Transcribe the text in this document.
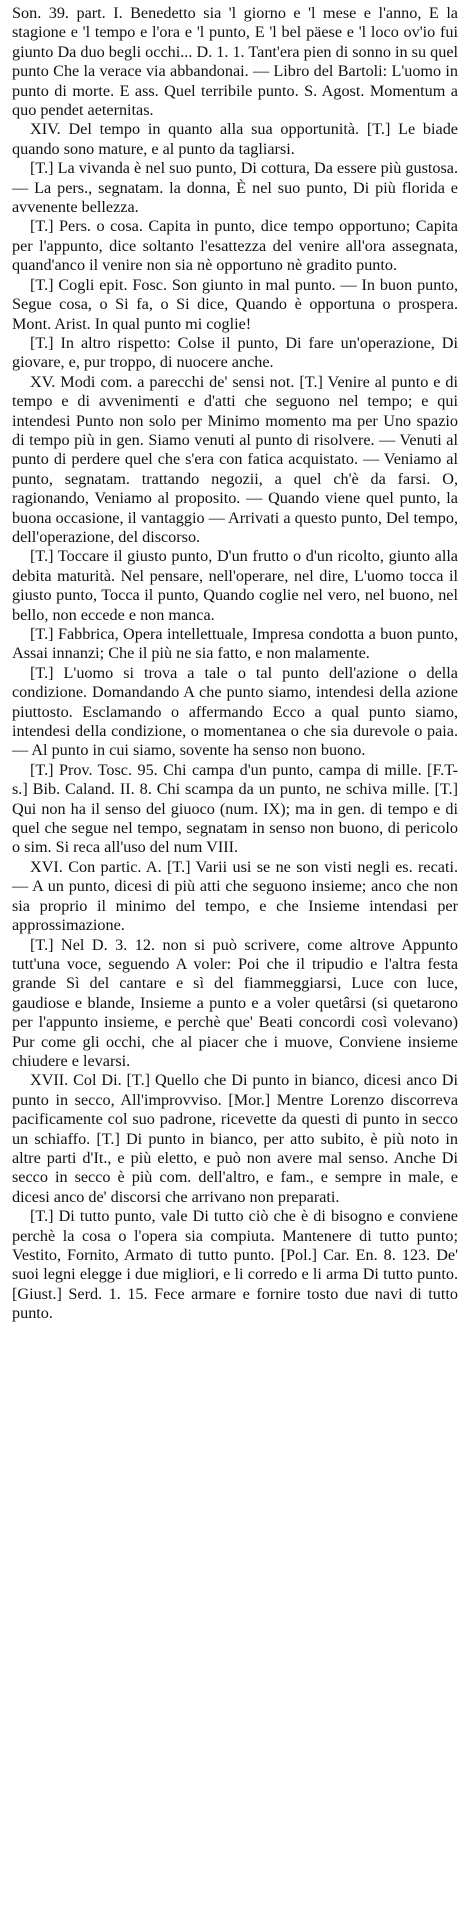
Son. 39. part. I. Benedetto sia 'l giorno e 'l mese e l'anno, E la stagione e 'l tempo e l'ora e 'l punto, E 'l bel päese e 'l loco ov'io fui giunto Da duo begli occhi... D. 1. 1. Tant'era pien di sonno in su quel punto Che la verace via abbandonai. — Libro del Bartoli: L'uomo in punto di morte. E ass. Quel terribile punto. S. Agost. Momentum a quo pendet aeternitas.

XIV. Del tempo in quanto alla sua opportunità. [T.] Le biade quando sono mature, e al punto da tagliarsi.

[T.] La vivanda è nel suo punto, Di cottura, Da essere più gustosa. — La pers., segnatam. la donna, È nel suo punto, Di più florida e avvenente bellezza.

[T.] Pers. o cosa. Capita in punto, dice tempo opportuno; Capita per l'appunto, dice soltanto l'esattezza del venire all'ora assegnata, quand'anco il venire non sia nè opportuno nè gradito punto.

[T.] Cogli epit. Fosc. Son giunto in mal punto. — In buon punto, Segue cosa, o Si fa, o Si dice, Quando è opportuna o prospera. Mont. Arist. In qual punto mi coglie!

[T.] In altro rispetto: Colse il punto, Di fare un'operazione, Di giovare, e, pur troppo, di nuocere anche.

XV. Modi com. a parecchi de' sensi not. [T.] Venire al punto e di tempo e di avvenimenti e d'atti che seguono nel tempo; e qui intendesi Punto non solo per Minimo momento ma per Uno spazio di tempo più in gen. Siamo venuti al punto di risolvere. — Venuti al punto di perdere quel che s'era con fatica acquistato. — Veniamo al punto, segnatam. trattando negozii, a quel ch'è da farsi. O, ragionando, Veniamo al proposito. — Quando viene quel punto, la buona occasione, il vantaggio — Arrivati a questo punto, Del tempo, dell'operazione, del discorso.

[T.] Toccare il giusto punto, D'un frutto o d'un ricolto, giunto alla debita maturità. Nel pensare, nell'operare, nel dire, L'uomo tocca il giusto punto, Tocca il punto, Quando coglie nel vero, nel buono, nel bello, non eccede e non manca.

[T.] Fabbrica, Opera intellettuale, Impresa condotta a buon punto, Assai innanzi; Che il più ne sia fatto, e non malamente.

[T.] L'uomo si trova a tale o tal punto dell'azione o della condizione. Domandando A che punto siamo, intendesi della azione piuttosto. Esclamando o affermando Ecco a qual punto siamo, intendesi della condizione, o momentanea o che sia durevole o paia. — Al punto in cui siamo, sovente ha senso non buono.

[T.] Prov. Tosc. 95. Chi campa d'un punto, campa di mille. [F.T-s.] Bib. Caland. II. 8. Chi scampa da un punto, ne schiva mille. [T.] Qui non ha il senso del giuoco (num. IX); ma in gen. di tempo e di quel che segue nel tempo, segnatam in senso non buono, di pericolo o sim. Si reca all'uso del num VIII.

XVI. Con partic. A. [T.] Varii usi se ne son visti negli es. recati. — A un punto, dicesi di più atti che seguono insieme; anco che non sia proprio il minimo del tempo, e che Insieme intendasi per approssimazione.

[T.] Nel D. 3. 12. non si può scrivere, come altrove Appunto tutt'una voce, seguendo A voler: Poi che il tripudio e l'altra festa grande Sì del cantare e sì del fiammeggiarsi, Luce con luce, gaudiose e blande, Insieme a punto e a voler quetârsi (si quetarono per l'appunto insieme, e perchè que' Beati concordi così volevano) Pur come gli occhi, che al piacer che i muove, Conviene insieme chiudere e levarsi.

XVII. Col Di. [T.] Quello che Di punto in bianco, dicesi anco Di punto in secco, All'improvviso. [Mor.] Mentre Lorenzo discorreva pacificamente col suo padrone, ricevette da questi di punto in secco un schiaffo. [T.] Di punto in bianco, per atto subito, è più noto in altre parti d'It., e più eletto, e può non avere mal senso. Anche Di secco in secco è più com. dell'altro, e fam., e sempre in male, e dicesi anco de' discorsi che arrivano non preparati.

[T.] Di tutto punto, vale Di tutto ciò che è di bisogno e conviene perchè la cosa o l'opera sia compiuta. Mantenere di tutto punto; Vestito, Fornito, Armato di tutto punto. [Pol.] Car. En. 8. 123. De' suoi legni elegge i due migliori, e li corredo e li arma Di tutto punto. [Giust.] Serd. 1. 15. Fece armare e fornire tosto due navi di tutto punto.
